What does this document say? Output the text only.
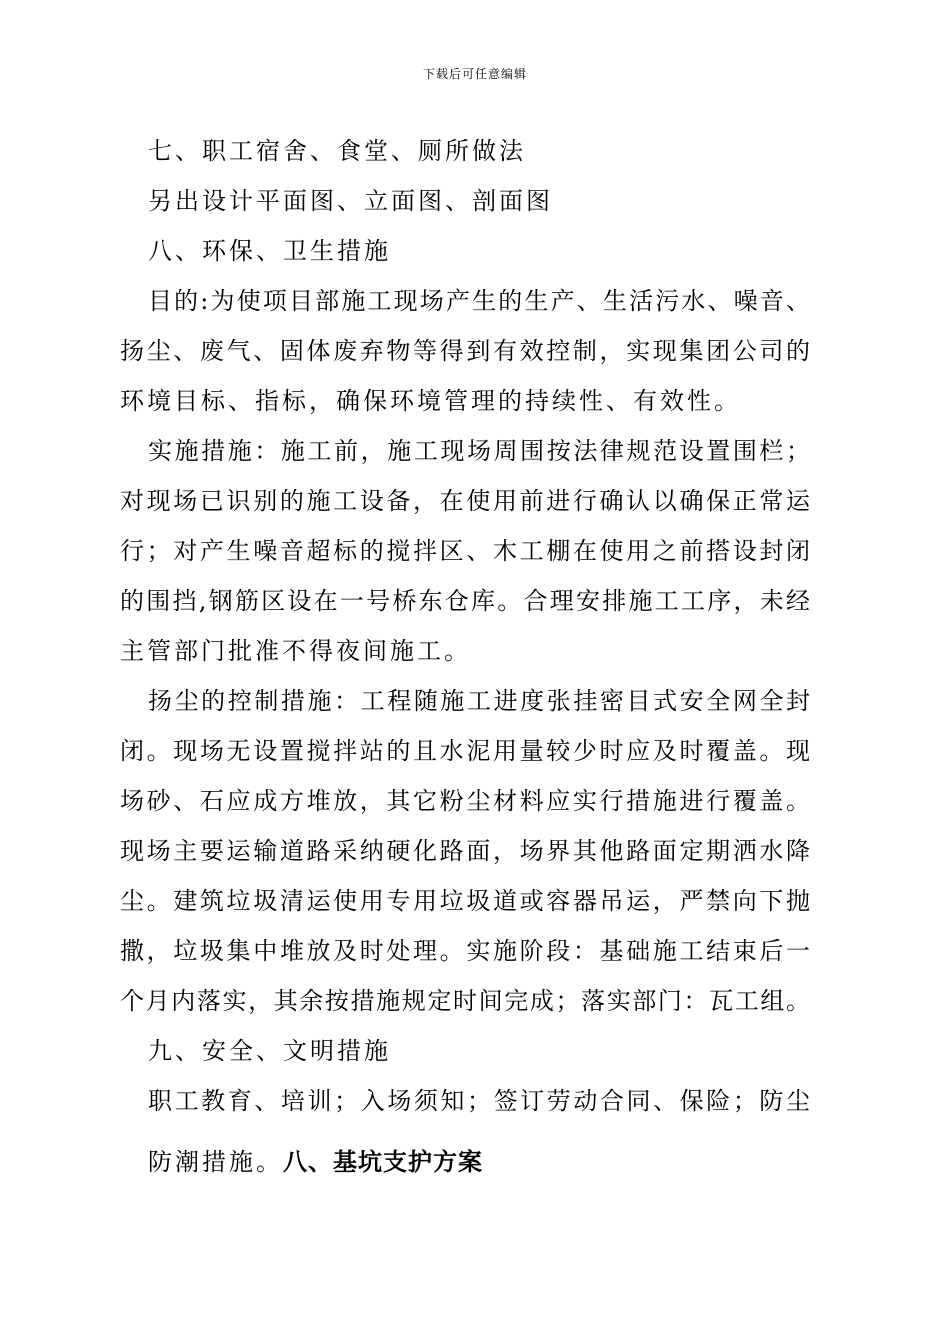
下载后可任意编辑
七、职工宿舍、食堂、厕所做法
另出设计平面图、立面图、剖面图
八、环保、卫生措施
目的:为使项目部施工现场产生的生产、生活污水、噪音、
扬尘、废气、固体废弃物等得到有效控制，实现集团公司的
环境目标、指标，确保环境管理的持续性、有效性。
实施措施：施工前，施工现场周围按法律规范设置围栏；
对现场已识别的施工设备，在使用前进行确认以确保正常运
行；对产生噪音超标的搅拌区、木工棚在使用之前搭设封闭
的围挡,钢筋区设在一号桥东仓库。合理安排施工工序，未经
主管部门批准不得夜间施工。
扬尘的控制措施：工程随施工进度张挂密目式安全网全封
闭。现场无设置搅拌站的且水泥用量较少时应及时覆盖。现
场砂、石应成方堆放，其它粉尘材料应实行措施进行覆盖。
现场主要运输道路采纳硬化路面，场界其他路面定期洒水降
尘。建筑垃圾清运使用专用垃圾道或容器吊运，严禁向下抛
撒，垃圾集中堆放及时处理。实施阶段：基础施工结束后一
个月内落实，其余按措施规定时间完成；落实部门：瓦工组。
九、安全、文明措施
职工教育、培训；入场须知；签订劳动合同、保险；防尘
防潮措施。八、基坑支护方案
